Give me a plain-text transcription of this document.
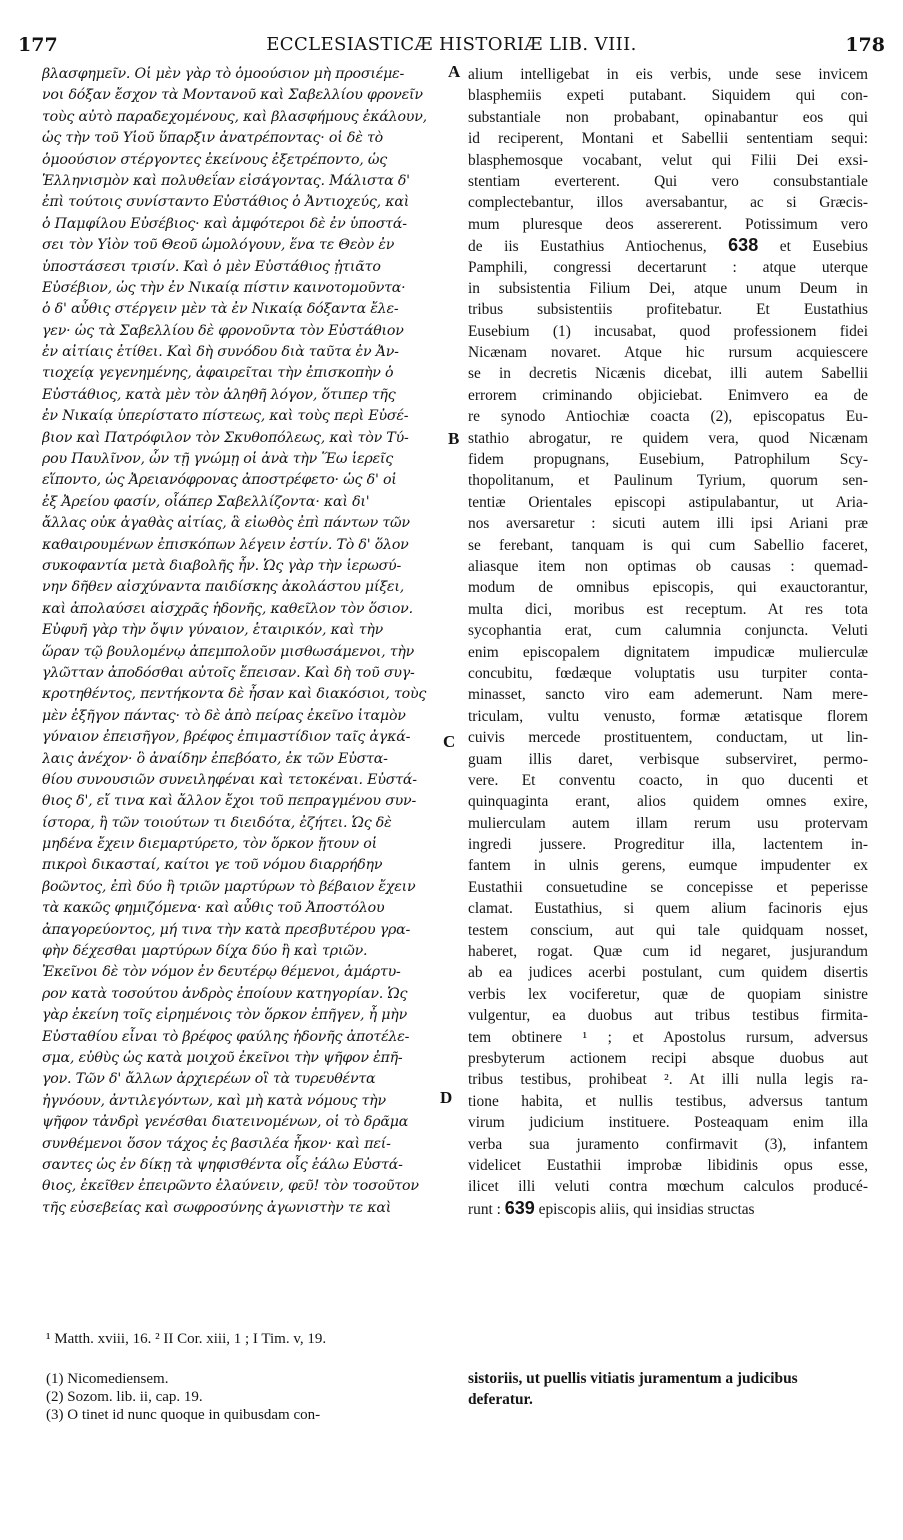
177	ECCLESIASTICÆ HISTORIÆ LIB. VIII.	178
βλασφημεῖν. Οἱ μὲν γὰρ τὸ ὁμοούσιον μὴ προσιέμε-
νοι δόξαν ἔσχον τὰ Μοντανοῦ καὶ Σαβελλίου φρονεῖν
τοὺς αὐτὸ παραδεχομένους, καὶ βλασφήμους ἐκάλουν,
ὡς τὴν τοῦ Υἱοῦ ὕπαρξιν ἀνατρέποντας· οἱ δὲ τὸ
ὁμοούσιον στέργοντες ἐκείνους ἐξετρέποντο, ὡς
Ἑλληνισμὸν καὶ πολυθεΐαν εἰσάγοντας. Μάλιστα δ'
ἐπὶ τούτοις συνίσταντο Εὐστάθιος ὁ Ἀντιοχεύς, καὶ
ὁ Παμφίλου Εὐσέβιος· καὶ ἀμφότεροι δὲ ἐν ὑποστά-
σει τὸν Υἱὸν τοῦ Θεοῦ ὡμολόγουν, ἕνα τε Θεὸν ἐν
ὑποστάσεσι τρισίν. Καὶ ὁ μὲν Εὐστάθιος ᾐτιᾶτο
Εὐσέβιον, ὡς τὴν ἐν Νικαίᾳ πίστιν καινοτομοῦντα·
ὁ δ' αὖθις στέργειν μὲν τὰ ἐν Νικαίᾳ δόξαντα ἔλε-
γεν· ὡς τὰ Σαβελλίου δὲ φρονοῦντα τὸν Εὐστάθιον
ἐν αἰτίαις ἐτίθει. Καὶ δὴ συνόδου διὰ ταῦτα ἐν Ἀν-
τιοχείᾳ γεγενημένης, ἀφαιρεῖται τὴν ἐπισκοπὴν ὁ
Εὐστάθιος, κατὰ μὲν τὸν ἀληθῆ λόγον, ὅτιπερ τῆς
ἐν Νικαίᾳ ὑπερίστατο πίστεως, καὶ τοὺς περὶ Εὐσέ-
βιον καὶ Πατρόφιλον τὸν Σκυθοπόλεως, καὶ τὸν Τύ-
ρου Παυλῖνον, ὧν τῇ γνώμῃ οἱ ἀνὰ τὴν Ἕω ἱερεῖς
εἵποντο, ὡς Ἀρειανόφρονας ἀποστρέφετο· ὡς δ' οἱ
ἐξ Ἀρείου φασίν, οἷάπερ Σαβελλίζοντα· καὶ δι'
ἄλλας οὐκ ἀγαθὰς αἰτίας, ἃ εἰωθὸς ἐπὶ πάντων τῶν
καθαιρουμένων ἐπισκόπων λέγειν ἐστίν. Τὸ δ' ὅλον
συκοφαντία μετὰ διαβολῆς ἦν. Ὡς γὰρ τὴν ἱερωσύ-
νην δῆθεν αἰσχύναντα παιδίσκης ἀκολάστου μίξει,
καὶ ἀπολαύσει αἰσχρᾶς ἡδονῆς, καθεῖλον τὸν ὅσιον.
Εὐφυῆ γὰρ τὴν ὄψιν γύναιον, ἑταιρικόν, καὶ τὴν
ὥραν τῷ βουλομένῳ ἀπεμπολοῦν μισθωσάμενοι, τὴν
γλῶτταν ἀποδόσθαι αὐτοῖς ἔπεισαν. Καὶ δὴ τοῦ συγ-
κροτηθέντος, πεντήκοντα δὲ ἦσαν καὶ διακόσιοι, τοὺς
μὲν ἐξῆγον πάντας· τὸ δὲ ἀπὸ πείρας ἐκεῖνο ἰταμὸν
γύναιον ἐπεισῆγον, βρέφος ἐπιμαστίδιον ταῖς ἀγκά-
λαις ἀνέχον· ὃ ἀναίδην ἐπεβόατο, ἐκ τῶν Εὐστα-
θίου συνουσιῶν συνειληφέναι καὶ τετοκέναι. Εὐστά-
θιος δ', εἴ τινα καὶ ἄλλον ἔχοι τοῦ πεπραγμένου συν-
ίστορα, ἢ τῶν τοιούτων τι διειδότα, ἐζήτει. Ὡς δὲ
μηδένα ἔχειν διεμαρτύρετο, τὸν ὅρκον ᾔτουν οἱ
πικροὶ δικασταί, καίτοι γε τοῦ νόμου διαρρήδην
βοῶντος, ἐπὶ δύο ἢ τριῶν μαρτύρων τὸ βέβαιον ἔχειν
τὰ κακῶς φημιζόμενα· καὶ αὖθις τοῦ Ἀποστόλου
ἀπαγορεύοντος, μή τινα τὴν κατὰ πρεσβυτέρου γρα-
φὴν δέχεσθαι μαρτύρων δίχα δύο ἢ καὶ τριῶν.
Ἐκεῖνοι δὲ τὸν νόμον ἐν δευτέρῳ θέμενοι, ἁμάρτυ-
ρον κατὰ τοσούτου ἀνδρὸς ἐποίουν κατηγορίαν. Ὡς
γὰρ ἐκείνη τοῖς εἰρημένοις τὸν ὅρκον ἐπῆγεν, ἦ μὴν
Εὐσταθίου εἶναι τὸ βρέφος φαύλης ἡδονῆς ἀποτέλε-
σμα, εὐθὺς ὡς κατὰ μοιχοῦ ἐκεῖνοι τὴν ψῆφον ἐπῆ-
γον. Τῶν δ' ἄλλων ἀρχιερέων οἳ τὰ τυρευθέντα
ἠγνόουν, ἀντιλεγόντων, καὶ μὴ κατὰ νόμους τὴν
ψῆφον τἀνδρὶ γενέσθαι διατεινομένων, οἱ τὸ δρᾶμα
συνθέμενοι ὅσον τάχος ἐς βασιλέα ἧκον· καὶ πεί-
σαντες ὡς ἐν δίκῃ τὰ ψηφισθέντα οἷς ἑάλω Εὐστά-
θιος, ἐκεῖθεν ἐπειρῶντο ἐλαύνειν, φεῦ! τὸν τοσοῦτον
τῆς εὐσεβείας καὶ σωφροσύνης ἀγωνιστὴν τε καὶ
alium intelligebat in eis verbis, unde sese invicem
blasphemiis expeti putabant. Siquidem qui con-
substantiale non probabant, opinabantur eos qui
id reciperent, Montani et Sabellii sententiam sequi:
blasphemosque vocabant, velut qui Filii Dei exsi-
stentiam everterent. Qui vero consubstantiale
complectebantur, illos aversabantur, ac si Græcis-
mum pluresque deos assererent. Potissimum vero
de iis Eustathius Antiochenus, 638 et Eusebius
Pamphili, congressi decertarunt : atque uterque
in subsistentia Filium Dei, atque unum Deum in
tribus subsistentiis profitebatur. Et Eustathius
Eusebium (1) incusabat, quod professionem fidei
Nicænam novaret. Atque hic rursum acquiescere
se in decretis Nicænis dicebat, illi autem Sabellii
errorem criminando objiciebat. Enimvero ea de
re synodo Antiochiæ coacta (2), episcopatus Eu-
stathio abrogatur, re quidem vera, quod Nicænam
fidem propugnans, Eusebium, Patrophilum Scy-
thopolitanum, et Paulinum Tyrium, quorum sen-
tentiæ Orientales episcopi astipulabantur, ut Aria-
nos aversaretur : sicuti autem illi ipsi Ariani præ
se ferebant, tanquam is qui cum Sabellio faceret,
aliasque item non optimas ob causas : quemad-
modum de omnibus episcopis, qui exauctorantur,
multa dici, moribus est receptum. At res tota
sycophantia erat, cum calumnia conjuncta. Veluti
enim episcopalem dignitatem impudicæ mulierculæ
concubitu, fœdæque voluptatis usu turpiter conta-
minasset, sancto viro eam ademerunt. Nam mere-
triculam, vultu venusto, formæ ætatisque florem
cuivis mercede prostituentem, conductam, ut lin-
guam illis daret, verbisque subserviret, permo-
vere. Et conventu coacto, in quo ducenti et
quinquaginta erant, alios quidem omnes exire,
mulierculam autem illam rerum usu protervam
ingredi jussere. Progreditur illa, lactentem in-
fantem in ulnis gerens, eumque impudenter ex
Eustathii consuetudine se concepisse et peperisse
clamat. Eustathius, si quem alium facinoris ejus
testem conscium, aut qui tale quidquam nosset,
haberet, rogat. Quæ cum id negaret, jusjurandum
ab ea judices acerbi postulant, cum quidem disertis
verbis lex vociferetur, quæ de quopiam sinistre
vulgentur, ea duobus aut tribus testibus firmita-
tem obtinere ¹ ; et Apostolus rursum, adversus
presbyterum actionem recipi absque duobus aut
tribus testibus, prohibeat ². At illi nulla legis ra-
tione habita, et nullis testibus, adversus tantum
virum judicium instituere. Posteaquam enim illa
verba sua juramento confirmavit (3), infantem
videlicet Eustathii improbæ libidinis opus esse,
ilicet illi veluti contra mœchum calculos producé-
runt : 639 episcopis aliis, qui insidias structas
A
B
C
D
¹ Matth. xviii, 16. ² II Cor. xiii, 1 ; I Tim. v, 19.
(1) Nicomediensem.
(2) Sozom. lib. ii, cap. 19.
(3) O tinet id nunc quoque in quibusdam con-
sistoriis, ut puellis vitiatis juramentum a judicibus
deferatur.
